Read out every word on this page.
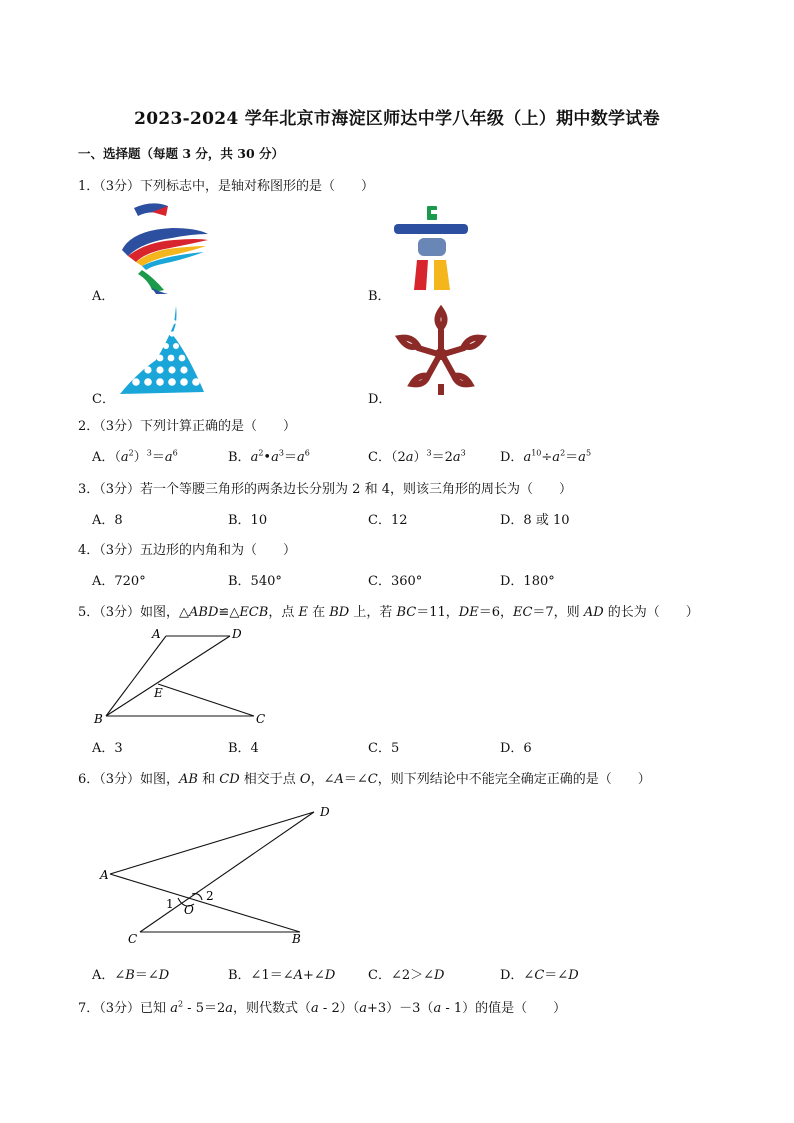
2023-2024 学年北京市海淀区师达中学八年级（上）期中数学试卷
一、选择题（每题 3 分，共 30 分）
1．（3分）下列标志中，是轴对称图形的是（　　）
A．	B．
C．	D．
2．（3分）下列计算正确的是（　　）
A．$(a^2)^3=a^6$	B．$a^2•a^3=a^6$	C．$(2a)^3=2a^3$	D．$a^{10}\div a^2=a^5$
3．（3分）若一个等腰三角形的两条边长分别为 2 和 4，则该三角形的周长为（　　）
A．8	B．10	C．12	D．8 或 10
4．（3分）五边形的内角和为（　　）
A．720°	B．540°	C．360°	D．180°
5．（3分）如图，△ABD≌△ECB，点 E 在 BD 上，若 BC＝11，DE＝6，EC＝7，则 AD 的长为（　　）
A	D
E
B	C
A．3	B．4	C．5	D．6
6．（3分）如图，AB 和 CD 相交于点 O，∠A＝∠C，则下列结论中不能完全确定正确的是（　　）
A
D
O
1
2
C	B
A．∠B＝∠D	B．∠1＝∠A+∠D	C．∠2＞∠D	D．∠C＝∠D
7．（3分）已知 $a^2 - 5=2a$，则代数式（a - 2）（a+3）－3（a - 1）的值是（　　）
